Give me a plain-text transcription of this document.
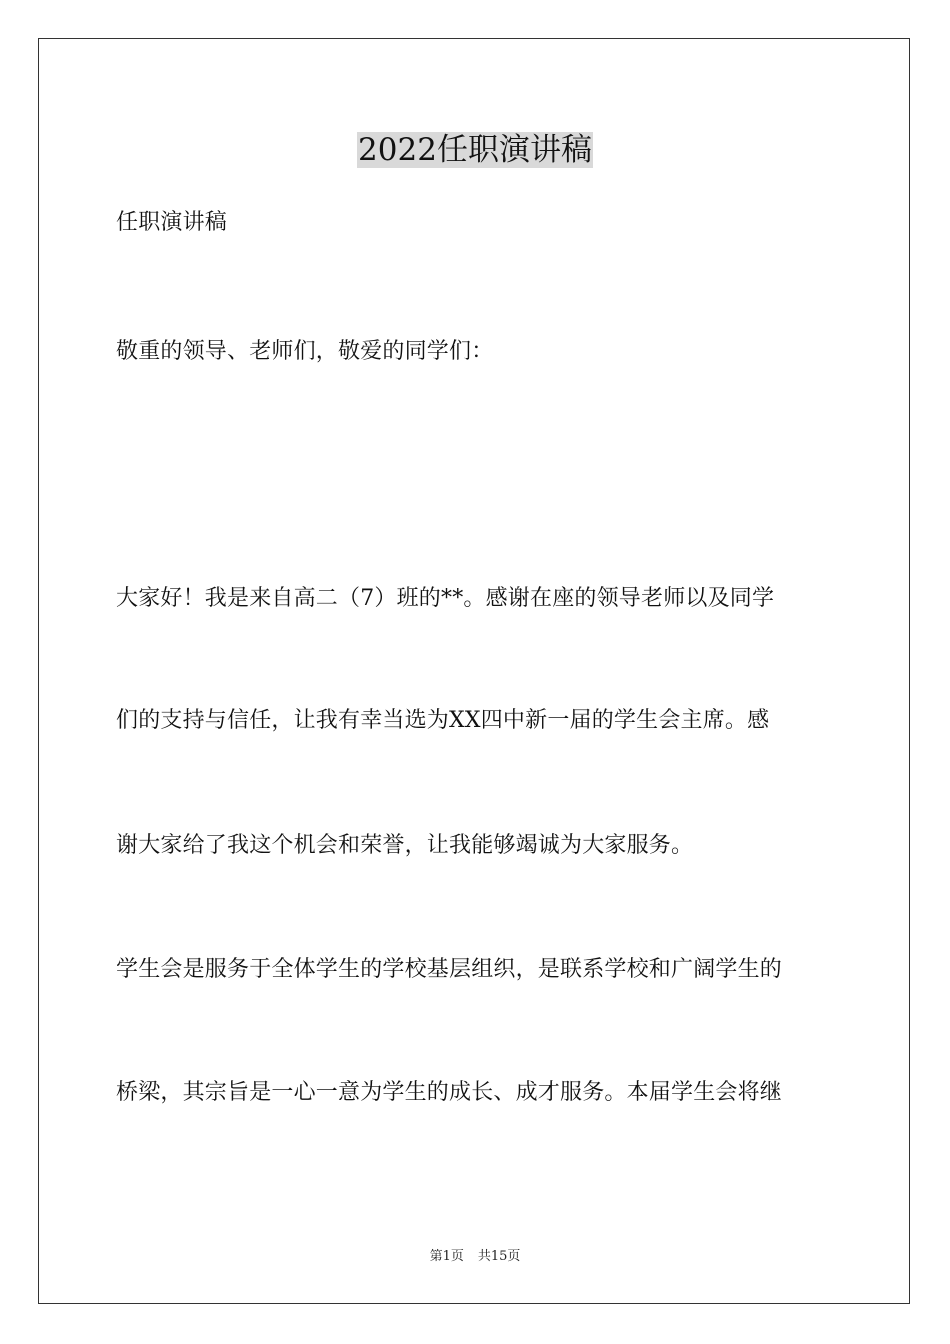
2022任职演讲稿
任职演讲稿
敬重的领导、老师们，敬爱的同学们：
大家好！我是来自高二（7）班的**。感谢在座的领导老师以及同学
们的支持与信任，让我有幸当选为XX四中新一届的学生会主席。感
谢大家给了我这个机会和荣誉，让我能够竭诚为大家服务。
学生会是服务于全体学生的学校基层组织，是联系学校和广阔学生的
桥梁，其宗旨是一心一意为学生的成长、成才服务。本届学生会将继
第1页 共15页
